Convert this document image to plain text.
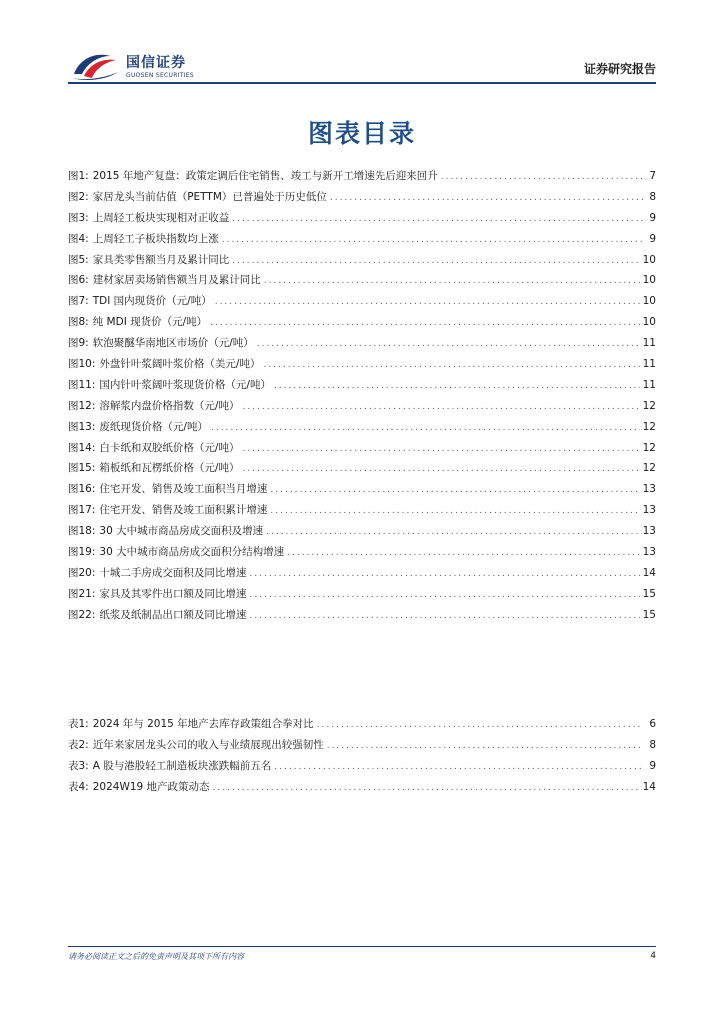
国信证券
GUOSEN SECURITIES	证券研究报告
图表目录
图1: 2015 年地产复盘：政策定调后住宅销售、竣工与新开工增速先后迎来回升 .....	7
图2: 家居龙头当前估值（PETTM）已普遍处于历史低位 .....	8
图3: 上周轻工板块实现相对正收益 .....	9
图4: 上周轻工子板块指数均上涨 .....	9
图5: 家具类零售额当月及累计同比 .....	10
图6: 建材家居卖场销售额当月及累计同比 .....	10
图7: TDI 国内现货价（元/吨） .....	10
图8: 纯 MDI 现货价（元/吨） .....	10
图9: 软泡聚醚华南地区市场价（元/吨） .....	11
图10: 外盘针叶浆阔叶浆价格（美元/吨） .....	11
图11: 国内针叶浆阔叶浆现货价格（元/吨） .....	11
图12: 溶解浆内盘价格指数（元/吨） .....	12
图13: 废纸现货价格（元/吨） .....	12
图14: 白卡纸和双胶纸价格（元/吨） .....	12
图15: 箱板纸和瓦楞纸价格（元/吨） .....	12
图16: 住宅开发、销售及竣工面积当月增速 .....	13
图17: 住宅开发、销售及竣工面积累计增速 .....	13
图18: 30 大中城市商品房成交面积及增速 .....	13
图19: 30 大中城市商品房成交面积分结构增速 .....	13
图20: 十城二手房成交面积及同比增速 .....	14
图21: 家具及其零件出口额及同比增速 .....	15
图22: 纸浆及纸制品出口额及同比增速 .....	15
表1: 2024 年与 2015 年地产去库存政策组合拳对比 .....	6
表2: 近年来家居龙头公司的收入与业绩展现出较强韧性 .....	8
表3: A 股与港股轻工制造板块涨跌幅前五名 .....	9
表4: 2024W19 地产政策动态 .....	14
请务必阅读正文之后的免责声明及其项下所有内容	4
